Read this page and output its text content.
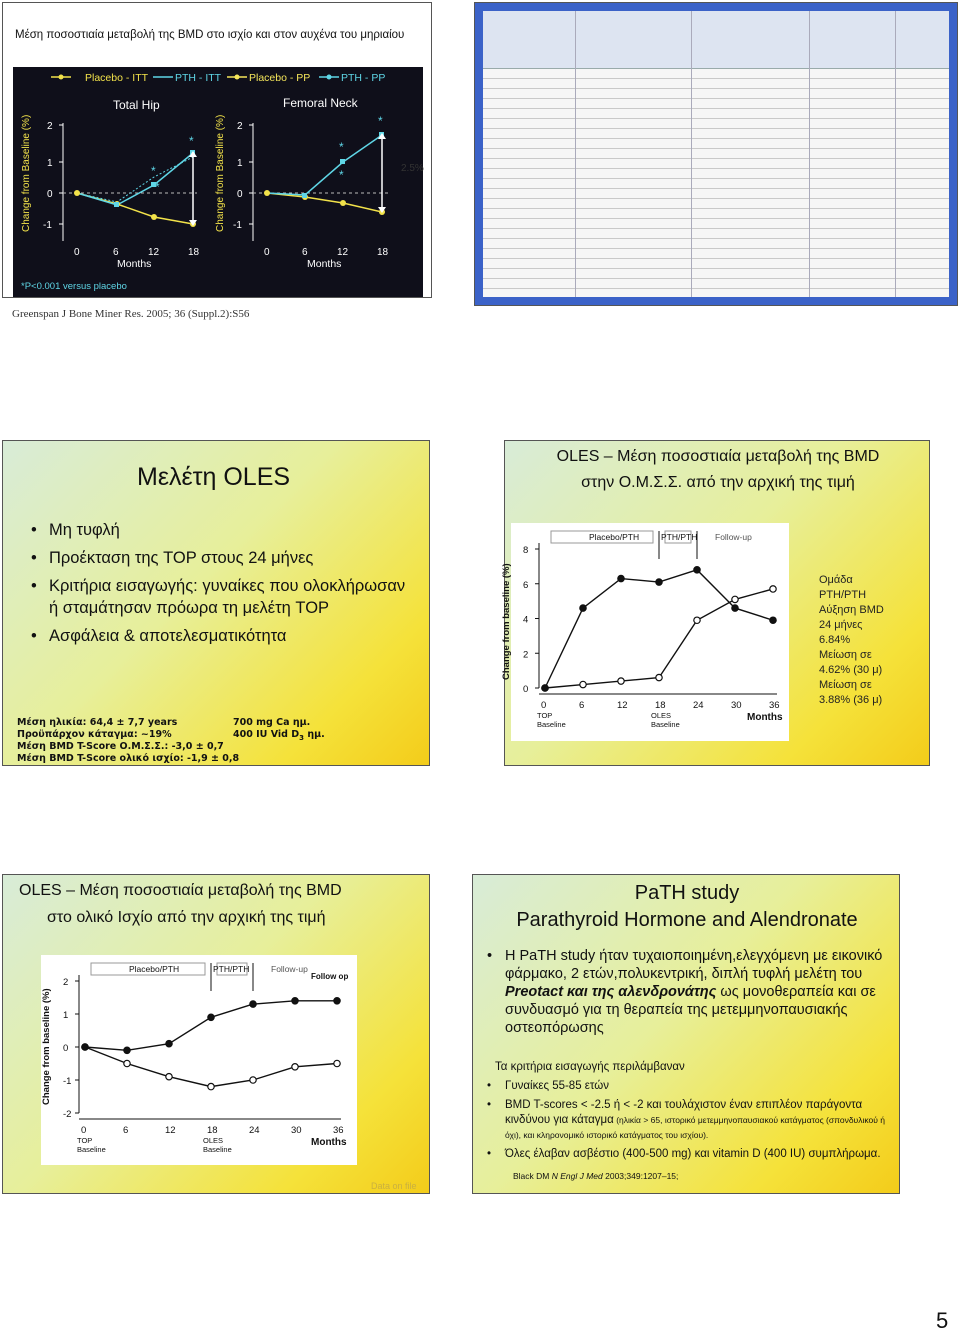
Μέση ποσοστιαία μεταβολή της BMD στο ισχίο και στον αυχένα του μηριαίου
Placebo - ITT	PTH - ITT	Placebo - PP	PTH - PP
Change from Baseline (%)
Total Hip
2
1
0
-1
*
*
*
0	6	12	18
Months
Change from Baseline (%)
Femoral Neck
2
1
0
-1
*
*
*
0	6	12	18
Months
*P<0.001 versus placebo
2.5%
Greenspan J Bone Miner Res. 2005; 36 (Suppl.2):S56
Μελέτη OLES
• Μη τυφλή
• Προέκταση της TOP στους 24 μήνες
• Κριτήρια εισαγωγής: γυναίκες που ολοκλήρωσαν ή σταμάτησαν πρόωρα τη μελέτη TOP
• Ασφάλεια & αποτελεσματικότητα
Μέση ηλικία: 64,4 ± 7,7 years
Προϋπάρχον κάταγμα: ~19%
Μέση BMD T-Score Ο.Μ.Σ.Σ.: -3,0 ± 0,7
Μέση BMD T-Score ολικό ισχίο: -1,9 ± 0,8
700 mg Ca ημ.
400 IU Vid $D_3$ ημ.
OLES – Μέση ποσοστιαία μεταβολή της BMD
στην Ο.Μ.Σ.Σ. από την αρχική της τιμή
0
2
4
6
8
0
TOP
Baseline
6	12	18
OLES
Baseline
24	30	36
Months
Change from baseline (%)
Placebo/PTH	PTH/PTH Follow-up
Ομάδα
PTH/PTH
Αύξηση BMD
24 μήνες
6.84%
Μείωση σε
4.62% (30 μ)
Μείωση σε
3.88% (36 μ)
OLES – Μέση ποσοστιαία μεταβολή της BMD
στο ολικό Ισχίο από την αρχική της τιμή
-2
-1
0
1
2
0
TOP
Baseline
6	12	18
OLES
Baseline
24	30	36
Months
Change from baseline (%)
Placebo/PTH	PTH/PTH	Follow-up
Follow op
Data on file
PaTH study
Parathyroid Hormone and Alendronate
• Η PaTH study ήταν τυχαιοποιημένη,ελεγχόμενη με εικονικό φάρμακο, 2 ετών,πολυκεντρική, διπλή τυφλή μελέτη του Preotact και της αλενδρονάτης ως μονοθεραπεία και σε συνδυασμό για τη θεραπεία της μετεμμηνοπαυσιακής οστεοπόρωσης
Τα κριτήρια εισαγωγής περιλάμβαναν
• Γυναίκες 55-85 ετών
• BMD T-scores < -2.5 ή < -2 και τουλάχιστον έναν επιπλέον παράγοντα κινδύνου για κάταγμα (ηλικία > 65, ιστορικό μετεμμηνοπαυσιακού κατάγματος (σπονδυλικού ή όχι), και κληρονομικό ιστορικό κατάγματος του ισχίου).
• Όλες έλαβαν ασβέστιο (400-500 mg) και vitamin D (400 IU) συμπλήρωμα.
Black DM N Engl J Med 2003;349:1207–15;
5
